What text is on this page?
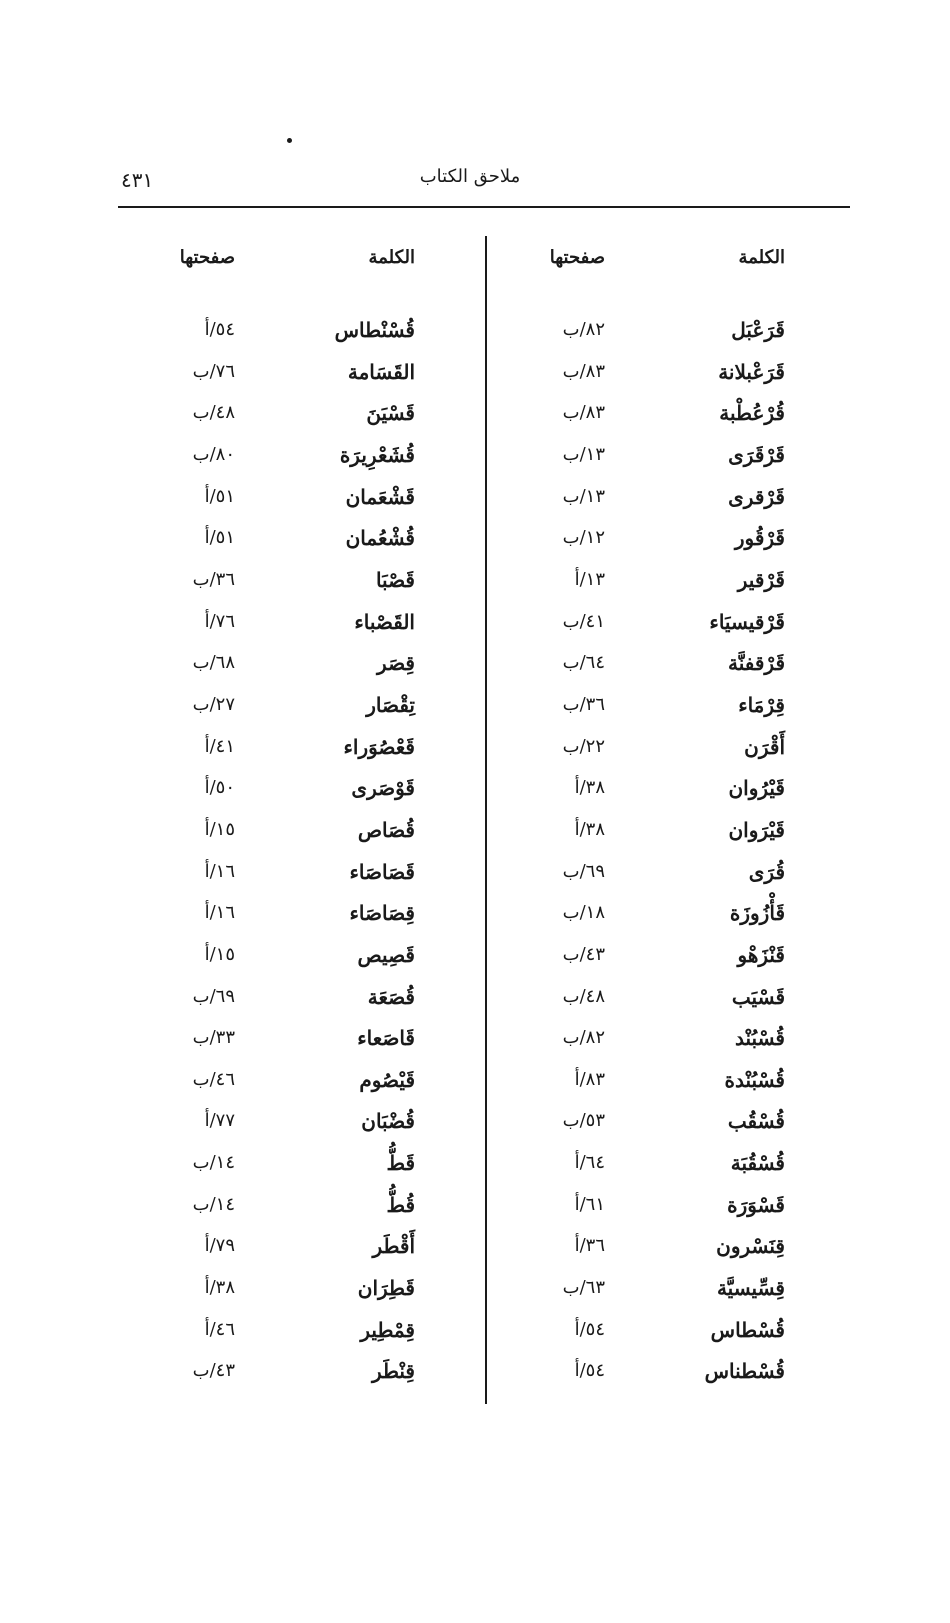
٤٣١	ملاحق الكتاب
الكلمة
صفحتها
الكلمة
صفحتها
قَرَعْبَل
٨٢/ب
قَرَعْبلانة
٨٣/ب
قُرْعُطْبة
٨٣/ب
قَرْقَرَى
١٣/ب
قَرْقرى
١٣/ب
قَرْقُور
١٢/ب
قَرْقير
١٣/أ
قَرْقيسيَاء
٤١/ب
قَرْقفنَّة
٦٤/ب
قِرْمَاء
٣٦/ب
أَقْرَن
٢٢/ب
قَيْرُوان
٣٨/أ
قَيْرَوان
٣٨/أ
قُرَى
٦٩/ب
قَأْزُوزَة
١٨/ب
قَنْزَهْو
٤٣/ب
قَسْيَب
٤٨/ب
قُسْبُنْد
٨٢/ب
قُسْبُنْدة
٨٣/أ
قُسْقُب
٥٣/ب
قُسْقُبَة
٦٤/أ
قَسْوَرَة
٦١/أ
قِنَسْرون
٣٦/أ
قِسِّيسيَّة
٦٣/ب
قُسْطاس
٥٤/أ
قُسْطناس
٥٤/أ
قُسْنْطاس
٥٤/أ
القَسَامة
٧٦/ب
قَسْيَنَ
٤٨/ب
قُشَعْرِيرَة
٨٠/ب
قَشْعَمان
٥١/أ
قُشْعُمان
٥١/أ
قَصْبَا
٣٦/ب
القَصْباء
٧٦/أ
قِصَر
٦٨/ب
تِقْصَار
٢٧/ب
قَعْصُوَراء
٤١/أ
قَوْصَرى
٥٠/أ
قُصَاص
١٥/أ
قَصَاصَاء
١٦/أ
قِصَاصَاء
١٦/أ
قَصِيص
١٥/أ
قُصَعَة
٦٩/ب
قَاصَعاء
٣٣/ب
قَيْصُوم
٤٦/ب
قُضْبَان
٧٧/أ
قَطُّ
١٤/ب
قُطُّ
١٤/ب
أَقْطَر
٧٩/أ
قَطِرَان
٣٨/أ
قِمْطِير
٤٦/أ
قِنْطَر
٤٣/ب
